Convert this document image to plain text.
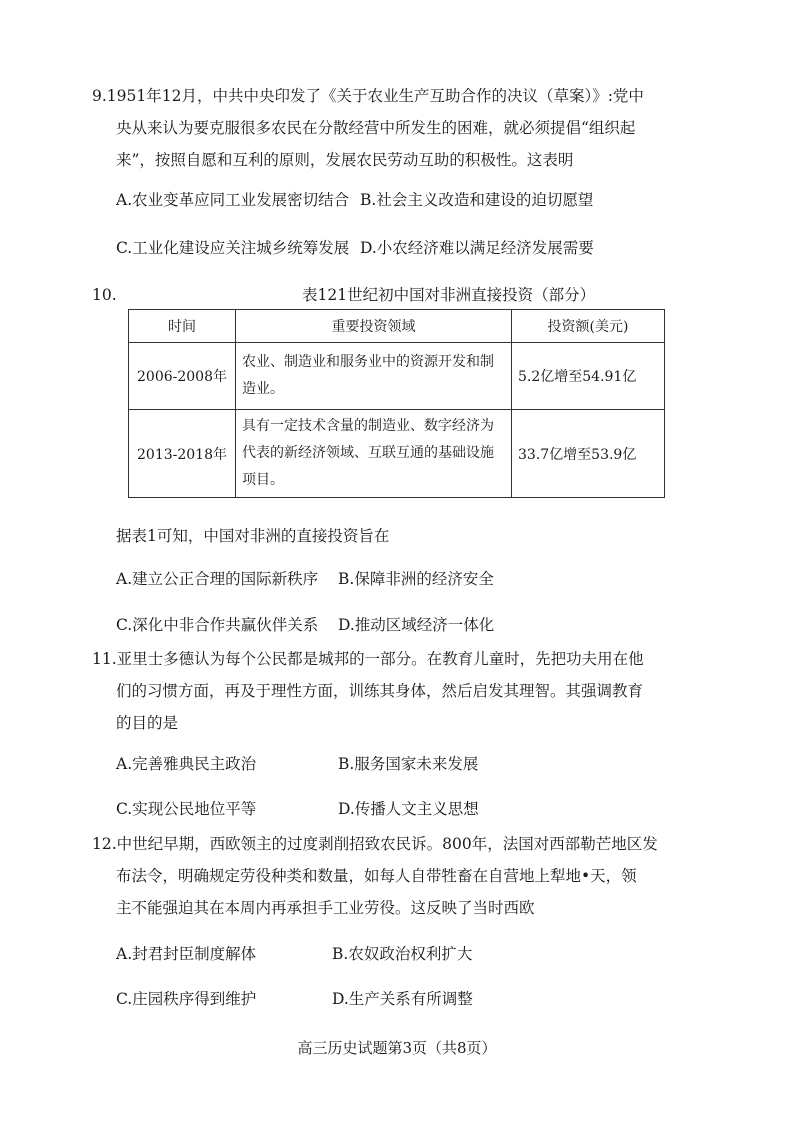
9.1951年12月，中共中央印发了《关于农业生产互助合作的决议（草案）》:党中
央从来认为要克服很多农民在分散经营中所发生的困难，就必须提倡“组织起
来”，按照自愿和互利的原则，发展农民劳动互助的积极性。这表明
A.农业变革应同工业发展密切结合 B.社会主义改造和建设的迫切愿望
C.工业化建设应关注城乡统筹发展 D.小农经济难以满足经济发展需要
10.	表121世纪初中国对非洲直接投资（部分）
时间	重要投资领域	投资额(美元)
2006-2008年	农业、制造业和服务业中的资源开发和制
造业。	5.2亿增至54.91亿
2013-2018年	具有一定技术含量的制造业、数字经济为
代表的新经济领域、互联互通的基础设施
项目。	33.7亿增至53.9亿
据表1可知，中国对非洲的直接投资旨在
A.建立公正合理的国际新秩序 B.保障非洲的经济安全
C.深化中非合作共赢伙伴关系 D.推动区域经济一体化
11.亚里士多德认为每个公民都是城邦的一部分。在教育儿童时，先把功夫用在他
们的习惯方面，再及于理性方面，训练其身体，然后启发其理智。其强调教育
的目的是
A.完善雅典民主政治	B.服务国家未来发展
C.实现公民地位平等	D.传播人文主义思想
12.中世纪早期，西欧领主的过度剥削招致农民诉。800年，法国对西部勒芒地区发
布法令，明确规定劳役种类和数量，如每人自带牲畜在自营地上犁地•天，领
主不能强迫其在本周内再承担手工业劳役。这反映了当时西欧
A.封君封臣制度解体	B.农奴政治权利扩大
C.庄园秩序得到维护	D.生产关系有所调整
高三历史试题第3页（共8页）
